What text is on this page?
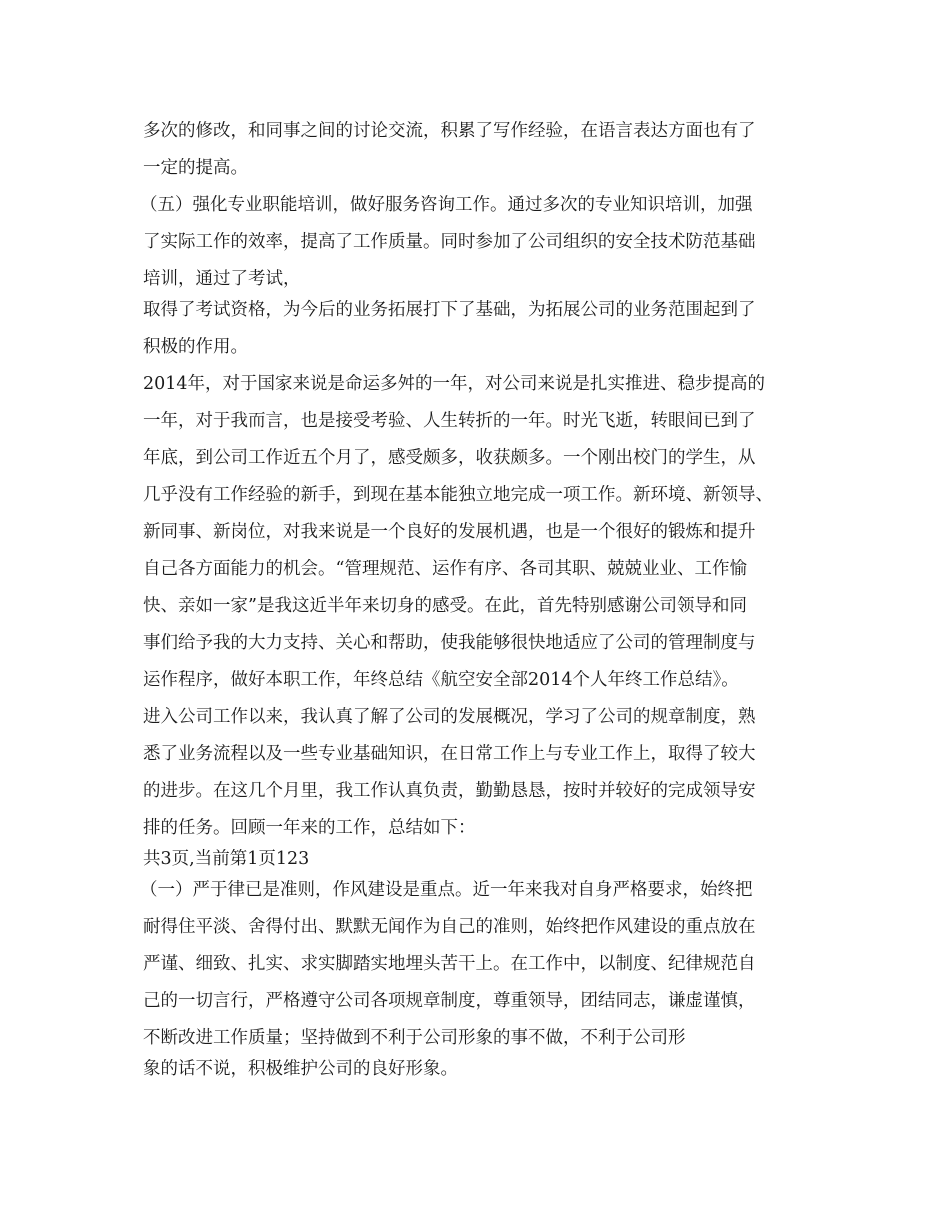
多次的修改，和同事之间的讨论交流，积累了写作经验，在语言表达方面也有了
一定的提高。
（五）强化专业职能培训，做好服务咨询工作。通过多次的专业知识培训，加强
了实际工作的效率，提高了工作质量。同时参加了公司组织的安全技术防范基础
培训，通过了考试，
取得了考试资格，为今后的业务拓展打下了基础，为拓展公司的业务范围起到了
积极的作用。
2014年，对于国家来说是命运多舛的一年，对公司来说是扎实推进、稳步提高的
一年，对于我而言，也是接受考验、人生转折的一年。时光飞逝，转眼间已到了
年底，到公司工作近五个月了，感受颇多，收获颇多。一个刚出校门的学生，从
几乎没有工作经验的新手，到现在基本能独立地完成一项工作。新环境、新领导、
新同事、新岗位，对我来说是一个良好的发展机遇，也是一个很好的锻炼和提升
自己各方面能力的机会。“管理规范、运作有序、各司其职、兢兢业业、工作愉
快、亲如一家”是我这近半年来切身的感受。在此，首先特别感谢公司领导和同
事们给予我的大力支持、关心和帮助，使我能够很快地适应了公司的管理制度与
运作程序，做好本职工作，年终总结《航空安全部2014个人年终工作总结》。
进入公司工作以来，我认真了解了公司的发展概况，学习了公司的规章制度，熟
悉了业务流程以及一些专业基础知识，在日常工作上与专业工作上，取得了较大
的进步。在这几个月里，我工作认真负责，勤勤恳恳，按时并较好的完成领导安
排的任务。回顾一年来的工作，总结如下：
共3页,当前第1页123
（一）严于律已是准则，作风建设是重点。近一年来我对自身严格要求，始终把
耐得住平淡、舍得付出、默默无闻作为自己的准则，始终把作风建设的重点放在
严谨、细致、扎实、求实脚踏实地埋头苦干上。在工作中，以制度、纪律规范自
己的一切言行，严格遵守公司各项规章制度，尊重领导，团结同志，谦虚谨慎，
不断改进工作质量；坚持做到不利于公司形象的事不做，不利于公司形
象的话不说，积极维护公司的良好形象。
